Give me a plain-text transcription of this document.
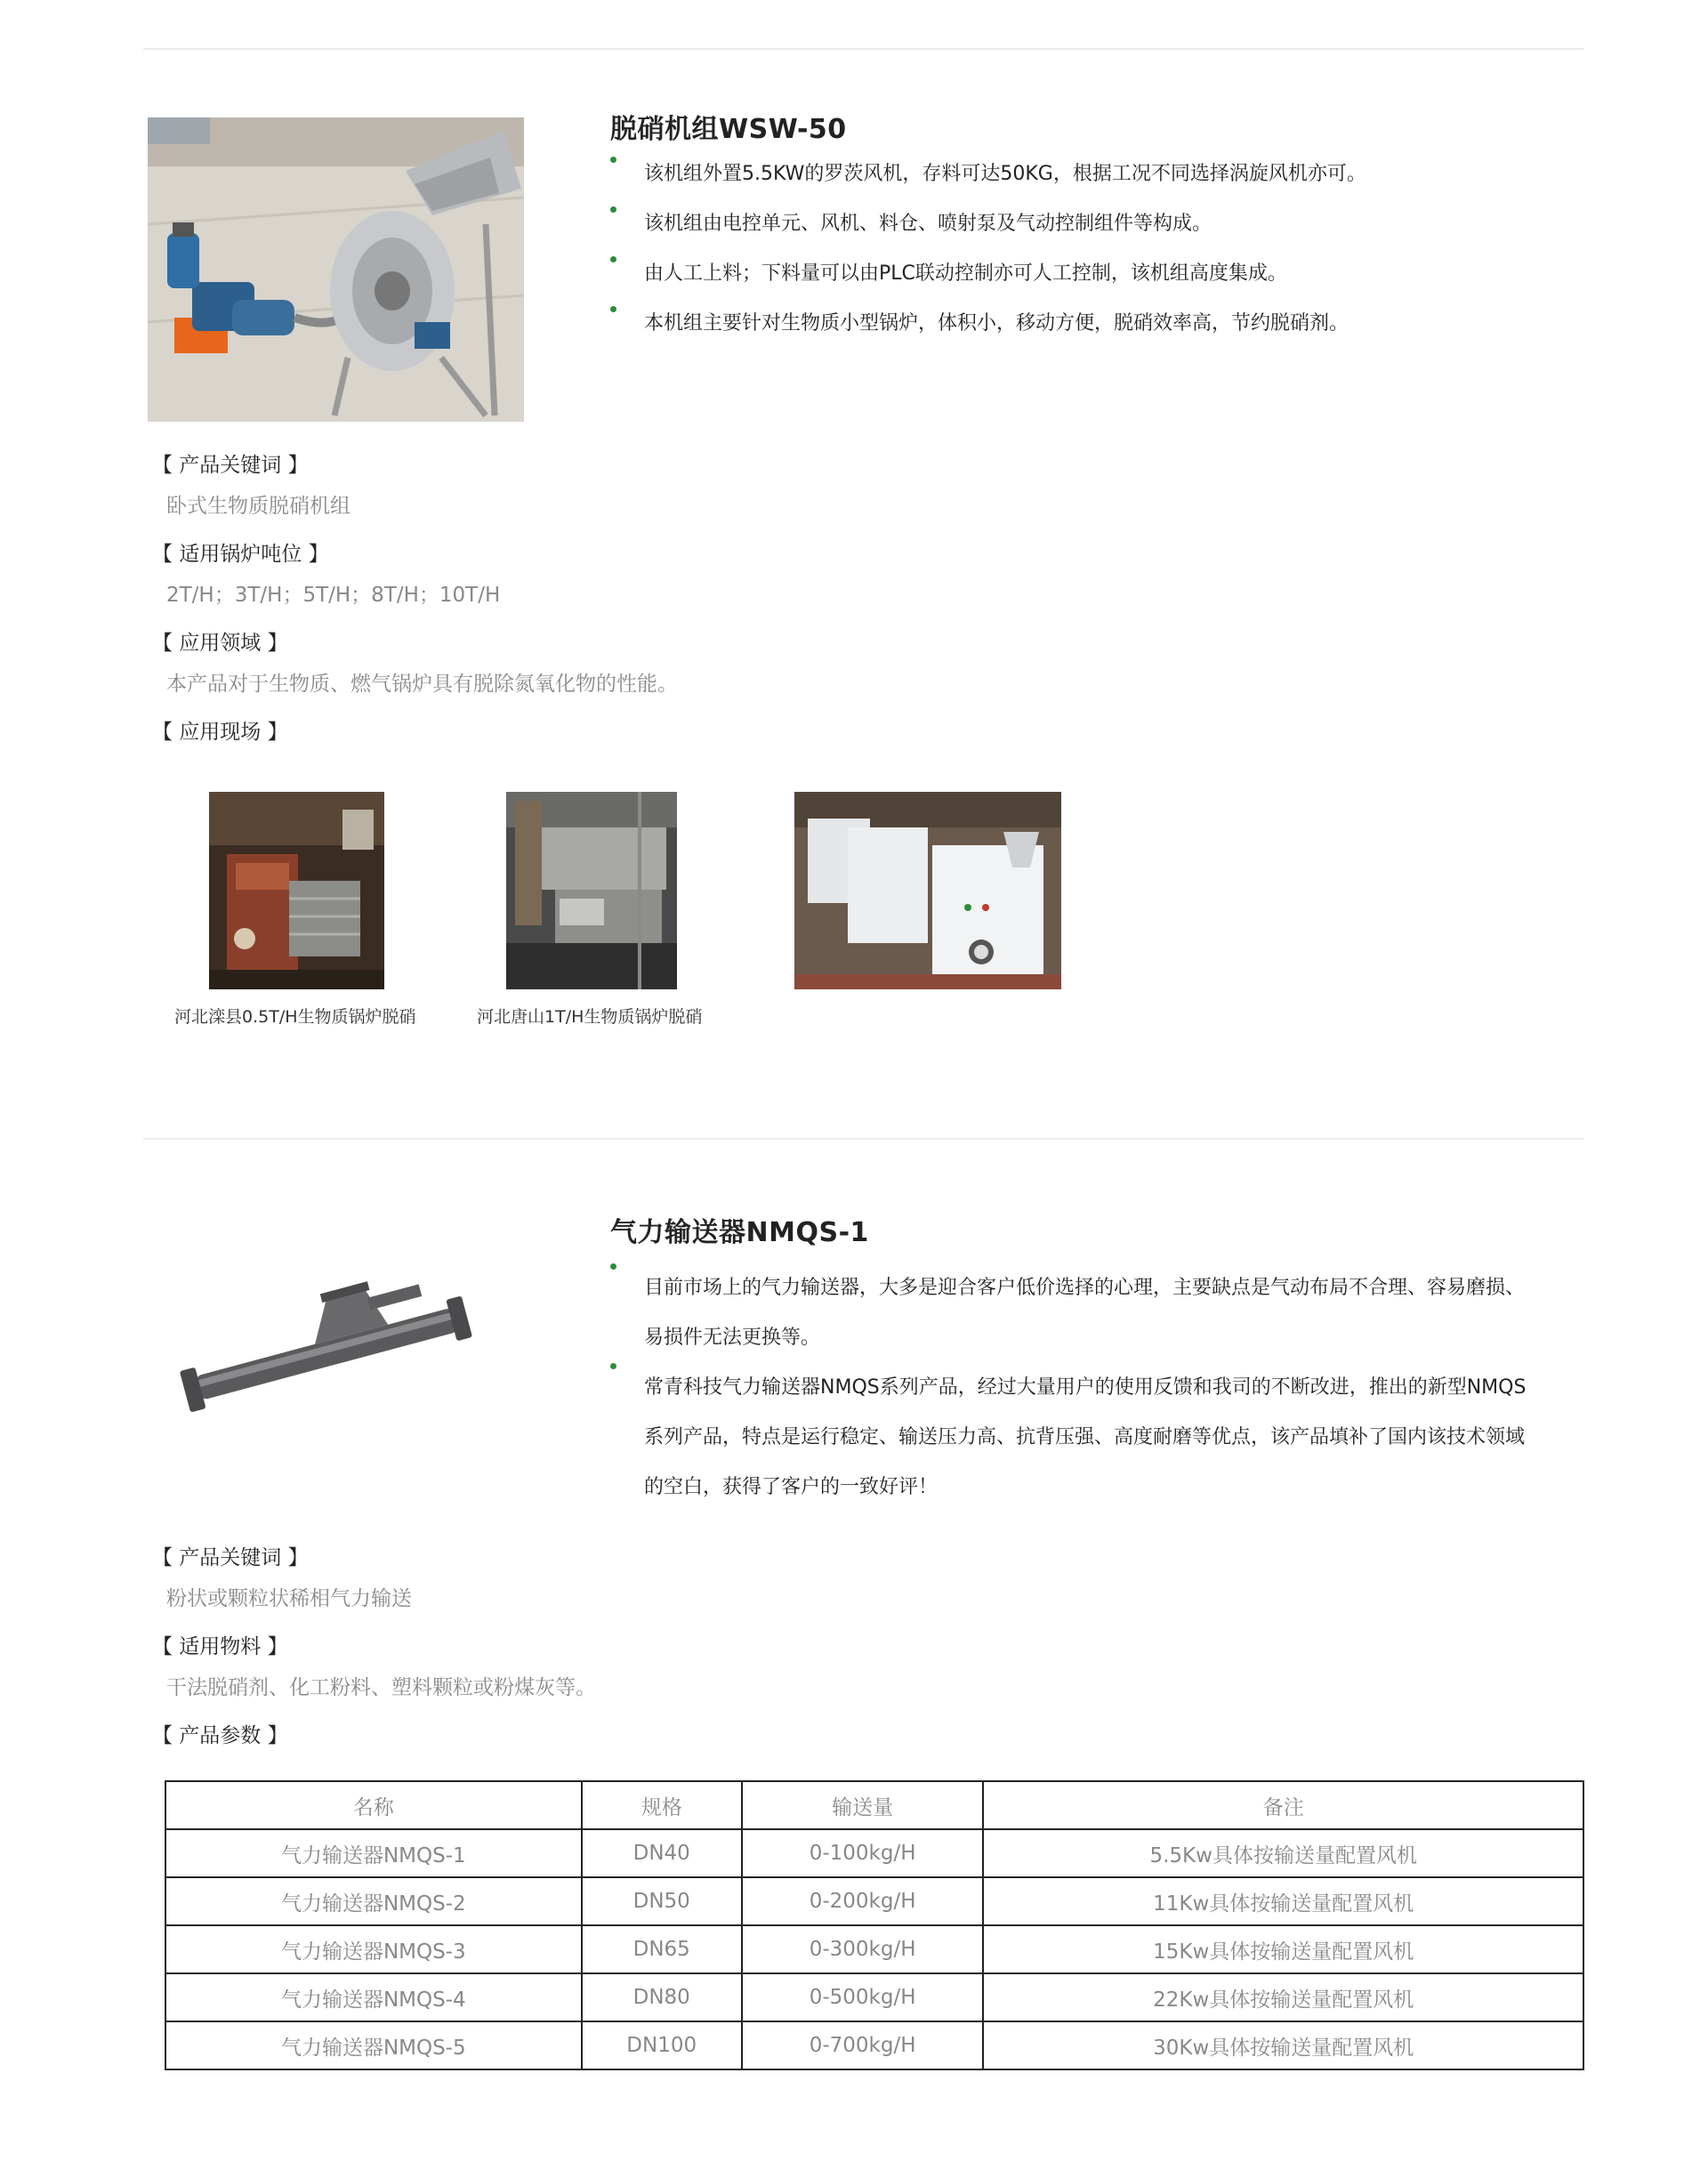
脱硝机组WSW-50
该机组外置5.5KW的罗茨风机，存料可达50KG，根据工况不同选择涡旋风机亦可。
该机组由电控单元、风机、料仓、喷射泵及气动控制组件等构成。
由人工上料；下料量可以由PLC联动控制亦可人工控制，该机组高度集成。
本机组主要针对生物质小型锅炉，体积小，移动方便，脱硝效率高，节约脱硝剂。
【 产品关键词 】
卧式生物质脱硝机组
【 适用锅炉吨位 】
2T/H；3T/H；5T/H；8T/H；10T/H
【 应用领域 】
本产品对于生物质、燃气锅炉具有脱除氮氧化物的性能。
【 应用现场 】
河北滦县0.5T/H生物质锅炉脱硝	河北唐山1T/H生物质锅炉脱硝
气力输送器NMQS-1
目前市场上的气力输送器，大多是迎合客户低价选择的心理，主要缺点是气动布局不合理、容易磨损、
易损件无法更换等。
常青科技气力输送器NMQS系列产品，经过大量用户的使用反馈和我司的不断改进，推出的新型NMQS
系列产品，特点是运行稳定、输送压力高、抗背压强、高度耐磨等优点，该产品填补了国内该技术领域
的空白，获得了客户的一致好评！
【 产品关键词 】
粉状或颗粒状稀相气力输送
【 适用物料 】
干法脱硝剂、化工粉料、塑料颗粒或粉煤灰等。
【 产品参数 】
名称	规格	输送量	备注
气力输送器NMQS-1	DN40	0-100kg/H	5.5Kw具体按输送量配置风机
气力输送器NMQS-2	DN50	0-200kg/H	11Kw具体按输送量配置风机
气力输送器NMQS-3	DN65	0-300kg/H	15Kw具体按输送量配置风机
气力输送器NMQS-4	DN80	0-500kg/H	22Kw具体按输送量配置风机
气力输送器NMQS-5	DN100	0-700kg/H	30Kw具体按输送量配置风机
